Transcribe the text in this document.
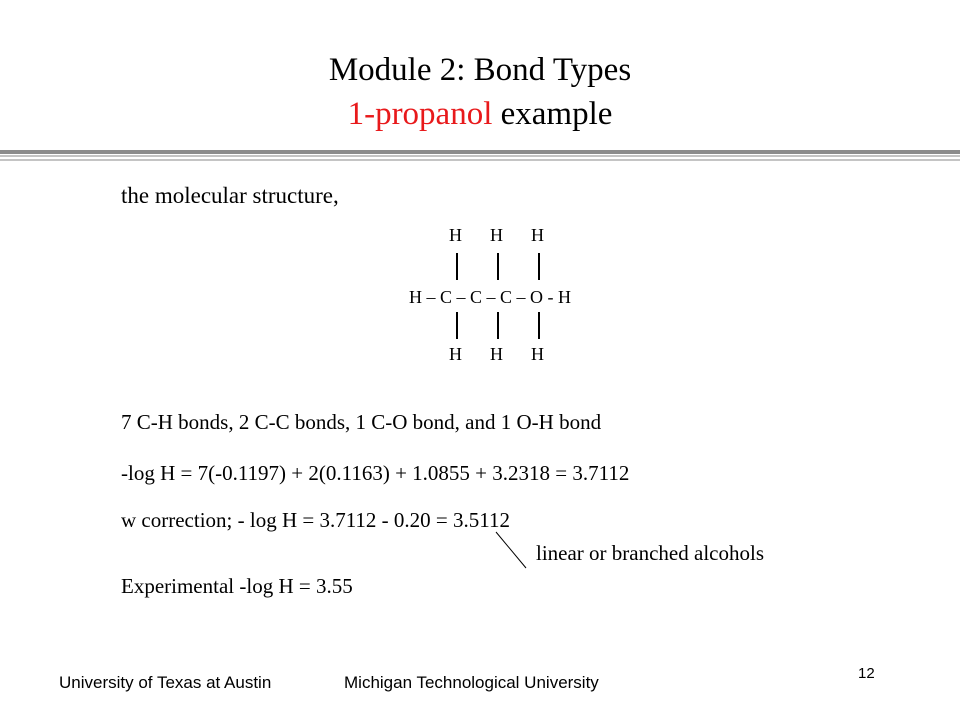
Module 2: Bond Types
1-propanol example
the molecular structure,
H H H
H – C – C – C – O - H
H H H
7 C-H bonds, 2 C-C bonds, 1 C-O bond, and 1 O-H bond
-log H = 7(-0.1197) + 2(0.1163) + 1.0855 + 3.2318 = 3.7112
w correction; - log H = 3.7112 - 0.20 = 3.5112
linear or branched alcohols
Experimental -log H = 3.55
University of Texas at Austin	Michigan Technological University	12
